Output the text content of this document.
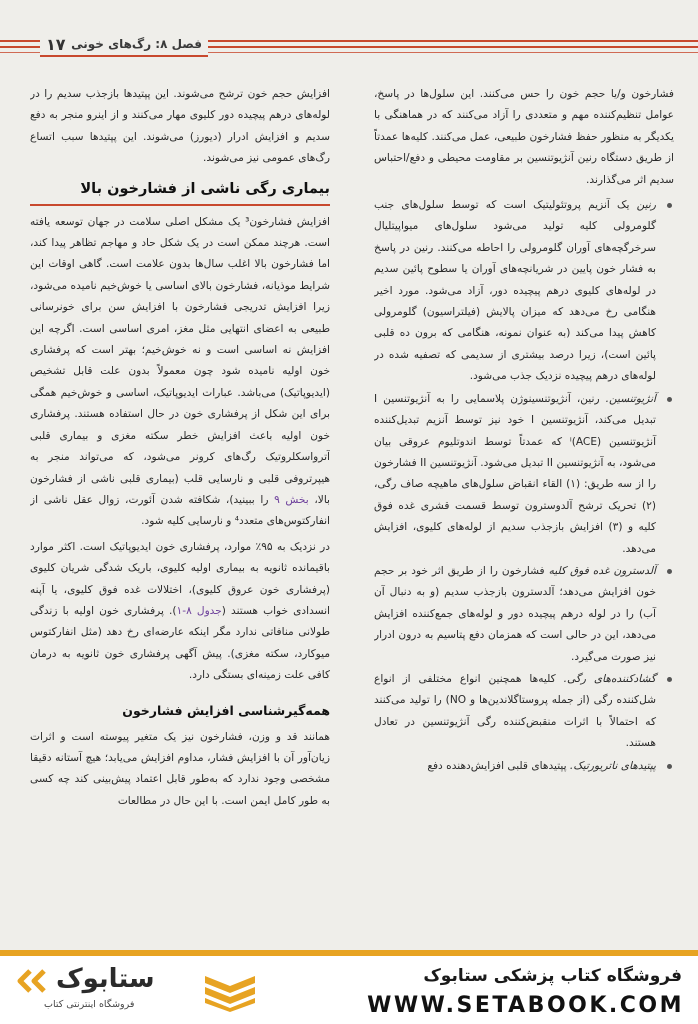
۱۷ فصل ۸: رگ‌های خونی

فشارخون و/یا حجم خون را حس می‌کنند. این سلول‌ها در پاسخ، عوامل تنظیم‌کننده مهم و متعددی را آزاد می‌کنند که در هماهنگی با یکدیگر به منظور حفظ فشارخون طبیعی، عمل می‌کنند. کلیه‌ها عمدتاً از طریق دستگاه رنین آنژیوتنسین بر مقاومت محیطی و دفع/احتباس سدیم اثر می‌گذارند.

رنین یک آنزیم پروتئولیتیک است که توسط سلول‌های جنب گلومرولی کلیه تولید می‌شود سلول‌های میواپیتلیال سرخرگچه‌های آوران گلومرولی را احاطه می‌کنند. رنین در پاسخ به فشار خون پایین در شریانچه‌های آوران یا سطوح پائین سدیم در لوله‌های کلیوی درهم پیچیده دور، آزاد می‌شود. مورد اخیر هنگامی رخ می‌دهد که میزان پالایش (فیلتراسیون) گلومرولی کاهش پیدا می‌کند (به عنوان نمونه، هنگامی که برون ده قلبی پائین است)، زیرا درصد بیشتری از سدیمی که تصفیه شده در لوله‌های درهم پیچیده نزدیک جذب می‌شود.
آنژیوتنسین. رنین، آنژیوتنسینوژن پلاسمایی را به آنژیوتنسین I تبدیل می‌کند، آنژیوتنسین I خود نیز توسط آنزیم تبدیل‌کننده آنژیوتنسین (ACE)‌ⁱ که عمدتاً توسط اندوتلیوم عروقی بیان می‌شود، به آنژیوتنسین II تبدیل می‌شود. آنژیوتنسین II فشارخون را از سه طریق: (۱) القاء انقباض سلول‌های ماهیچه صاف رگی، (۲) تحریک ترشح آلدوسترون توسط قسمت قشری غده فوق کلیه و (۳) افزایش بازجذب سدیم از لوله‌های کلیوی، افزایش می‌دهد.
آلدسترون غده فوق کلیه فشارخون را از طریق اثر خود بر حجم خون افزایش می‌دهد؛ آلدسترون بازجذب سدیم (و به دنبال آن آب) را در لوله درهم پیچیده دور و لوله‌های جمع‌کننده افزایش می‌دهد، این در حالی است که همزمان دفع پتاسیم به درون ادرار نیز صورت می‌گیرد.
گشادکننده‌های رگی. کلیه‌ها همچنین انواع مختلفی از انواع شل‌کننده رگی (از جمله پروستاگلاندین‌ها و NO) را تولید می‌کنند که احتمالاً با اثرات منقبض‌کننده رگی آنژیوتنسین در تعادل هستند.
پپتیدهای ناتریورتیک. پپتیدهای قلبی افزایش‌دهنده دفع

افزایش حجم خون ترشح می‌شوند. این پپتیدها بازجذب سدیم را در لوله‌های درهم پیچیده دور کلیوی مهار می‌کنند و از اینرو منجر به دفع سدیم و افزایش ادرار (دیورز) می‌شوند. این پپتیدها سبب اتساع رگ‌های عمومی نیز می‌شوند.

بیماری رگی ناشی از فشارخون بالا

افزایش فشارخون³ یک مشکل اصلی سلامت در جهان توسعه یافته است. هرچند ممکن است در یک شکل حاد و مهاجم تظاهر پیدا کند، اما فشارخون بالا اغلب سال‌ها بدون علامت است. گاهی اوقات این شرایط موذیانه، فشارخون بالای اساسی یا خوش‌خیم نامیده می‌شود، زیرا افزایش تدریجی فشارخون با افزایش سن برای خونرسانی طبیعی به اعضای انتهایی مثل مغز، امری اساسی است. اگرچه این افزایش نه اساسی است و نه خوش‌خیم؛ بهتر است که پرفشاری خون اولیه نامیده شود چون معمولاً بدون علت قابل تشخیص (ایدیوپاتیک) می‌باشد. عبارات ایدیوپاتیک، اساسی و خوش‌خیم همگی برای این شکل از پرفشاری خون در حال استفاده هستند. پرفشاری خون اولیه باعث افزایش خطر سکته مغزی و بیماری قلبی آترواسکلروتیک رگ‌های کرونر می‌شود، که می‌تواند منجر به هیپرتروفی قلبی و نارسایی قلب (بیماری قلبی ناشی از فشارخون بالا، بخش ۹ را ببینید)، شکافته شدن آئورت، زوال عقل ناشی از انفارکتوس‌های متعدد⁴ و نارسایی کلیه شود.

در نزدیک به ۹۵٪ موارد، پرفشاری خون ایدیوپاتیک است. اکثر موارد باقیمانده ثانویه به بیماری اولیه کلیوی، باریک شدگی شریان کلیوی (پرفشاری خون عروق کلیوی)، اختلالات غده فوق کلیوی، یا آپنه انسدادی خواب هستند (جدول ۸-۱). پرفشاری خون اولیه با زندگی طولانی منافاتی ندارد مگر اینکه عارضه‌ای رخ دهد (مثل انفارکتوس میوکارد، سکته مغزی). پیش آگهی پرفشاری خون ثانویه به درمان کافی علت زمینه‌ای بستگی دارد.

همه‌گیرشناسی افزایش فشارخون

همانند قد و وزن، فشارخون نیز یک متغیر پیوسته است و اثرات زیان‌آور آن با افزایش فشار، مداوم افزایش می‌یابد؛ هیچ آستانه دقیقا مشخصی وجود ندارد که به‌طور قابل اعتماد پیش‌بینی کند چه کسی به طور کامل ایمن است. با این حال در مطالعات

فروشگاه کتاب پزشکی ستابوک
WWW.SETABOOK.COM
ستابوک
فروشگاه اینترنتی کتاب
